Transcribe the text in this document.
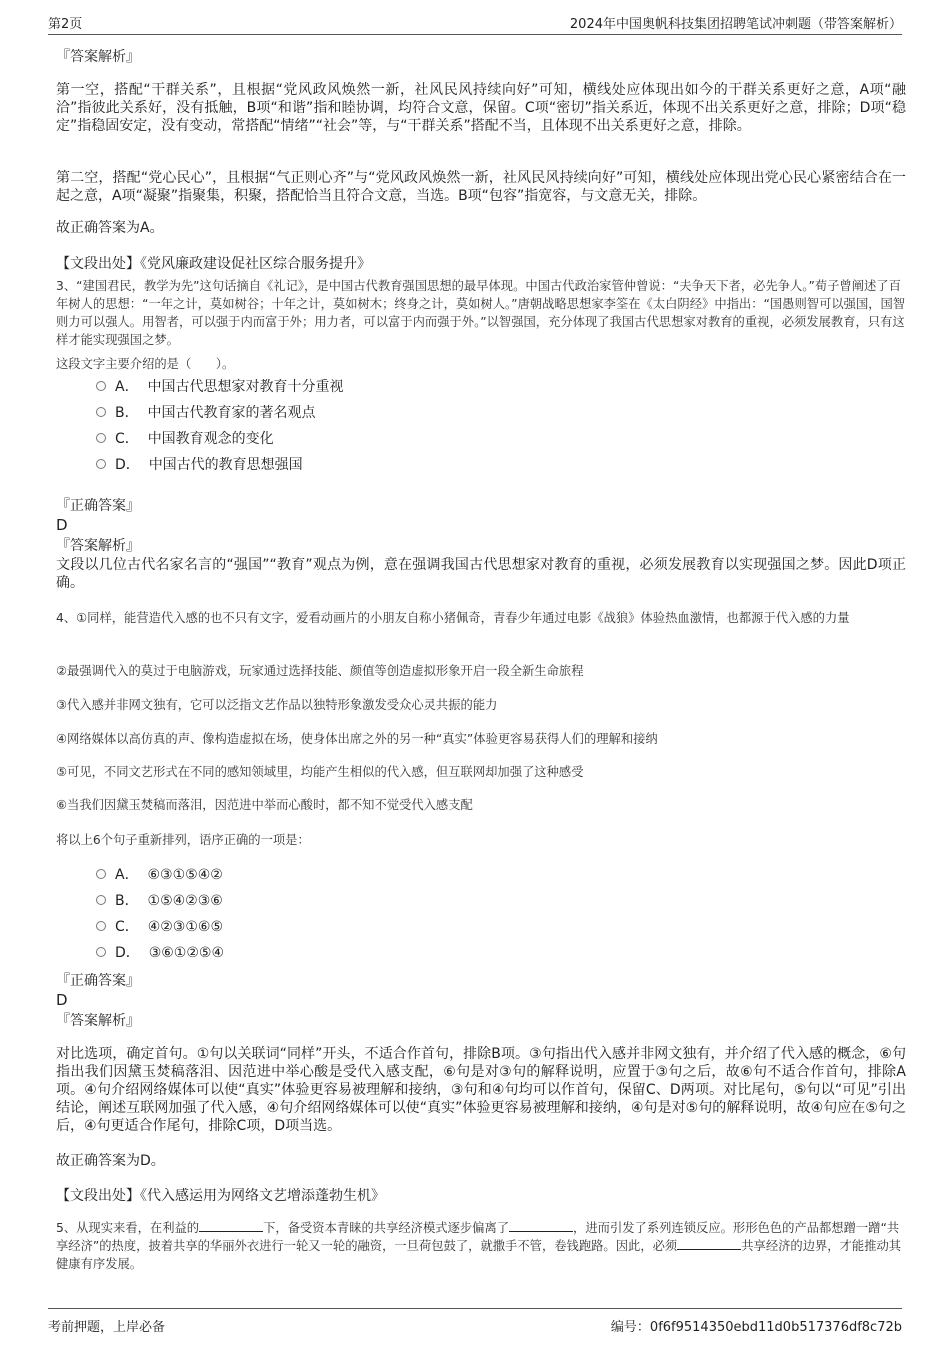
第2页	2024年中国奥帆科技集团招聘笔试冲刺题（带答案解析）
『答案解析』

第一空，搭配“干群关系”，且根据“党风政风焕然一新，社风民风持续向好”可知，横线处应体现出如今的干群关系更好之意，A项“融洽”指彼此关系好，没有抵触，B项“和谐”指和睦协调，均符合文意，保留。C项“密切”指关系近，体现不出关系更好之意，排除；D项“稳定”指稳固安定，没有变动，常搭配“情绪”“社会”等，与“干群关系”搭配不当，且体现不出关系更好之意，排除。

第二空，搭配“党心民心”，且根据“气正则心齐”与“党风政风焕然一新，社风民风持续向好”可知，横线处应体现出党心民心紧密结合在一起之意，A项“凝聚”指聚集，积聚，搭配恰当且符合文意，当选。B项“包容”指宽容，与文意无关，排除。

故正确答案为A。
【文段出处】《党风廉政建设促社区综合服务提升》

3、“建国君民，教学为先”这句话摘自《礼记》，是中国古代教育强国思想的最早体现。中国古代政治家管仲曾说：“夫争天下者，必先争人。”荀子曾阐述了百年树人的思想：“一年之计，莫如树谷；十年之计，莫如树木；终身之计，莫如树人。”唐朝战略思想家李筌在《太白阴经》中指出：“国愚则智可以强国，国智则力可以强人。用智者，可以强于内而富于外；用力者，可以富于内而强于外。”以智强国，充分体现了我国古代思想家对教育的重视，必须发展教育，只有这样才能实现强国之梦。

这段文字主要介绍的是（　　）。
A． 中国古代思想家对教育十分重视
B． 中国古代教育家的著名观点
C． 中国教育观念的变化
D． 中国古代的教育思想强国
『正确答案』
D
『答案解析』

文段以几位古代名家名言的“强国”“教育”观点为例，意在强调我国古代思想家对教育的重视，必须发展教育以实现强国之梦。因此D项正确。

4、①同样，能营造代入感的也不只有文字，爱看动画片的小朋友自称小猪佩奇，青春少年通过电影《战狼》体验热血激情，也都源于代入感的力量

②最强调代入的莫过于电脑游戏，玩家通过选择技能、颜值等创造虚拟形象开启一段全新生命旅程

③代入感并非网文独有，它可以泛指文艺作品以独特形象激发受众心灵共振的能力

④网络媒体以高仿真的声、像构造虚拟在场，使身体出席之外的另一种“真实”体验更容易获得人们的理解和接纳

⑤可见，不同文艺形式在不同的感知领域里，均能产生相似的代入感，但互联网却加强了这种感受

⑥当我们因黛玉焚稿而落泪，因范进中举而心酸时，都不知不觉受代入感支配

将以上6个句子重新排列，语序正确的一项是：
A． ⑥③①⑤④②
B． ①⑤④②③⑥
C． ④②③①⑥⑤
D． ③⑥①②⑤④
『正确答案』
D
『答案解析』

对比选项，确定首句。①句以关联词“同样”开头，不适合作首句，排除B项。③句指出代入感并非网文独有，并介绍了代入感的概念，⑥句指出我们因黛玉焚稿落泪、因范进中举心酸是受代入感支配，⑥句是对③句的解释说明，应置于③句之后，故⑥句不适合作首句，排除A项。④句介绍网络媒体可以使“真实”体验更容易被理解和接纳，③句和④句均可以作首句，保留C、D两项。对比尾句，⑤句以“可见”引出结论，阐述互联网加强了代入感，④句介绍网络媒体可以使“真实”体验更容易被理解和接纳，④句是对⑤句的解释说明，故④句应在⑤句之后，④句更适合作尾句，排除C项，D项当选。

故正确答案为D。
【文段出处】《代入感运用为网络文艺增添蓬勃生机》

5、从现实来看，在利益的	下，备受资本青睐的共享经济模式逐步偏离了	，进而引发了系列连锁反应。形形色色的产品都想蹭一蹭“共享经济”的热度，披着共享的华丽外衣进行一轮又一轮的融资，一旦荷包鼓了，就撒手不管，卷钱跑路。因此，必须	共享经济的边界，才能推动其健康有序发展。

考前押题，上岸必备	编号：0f6f9514350ebd11d0b517376df8c72b
